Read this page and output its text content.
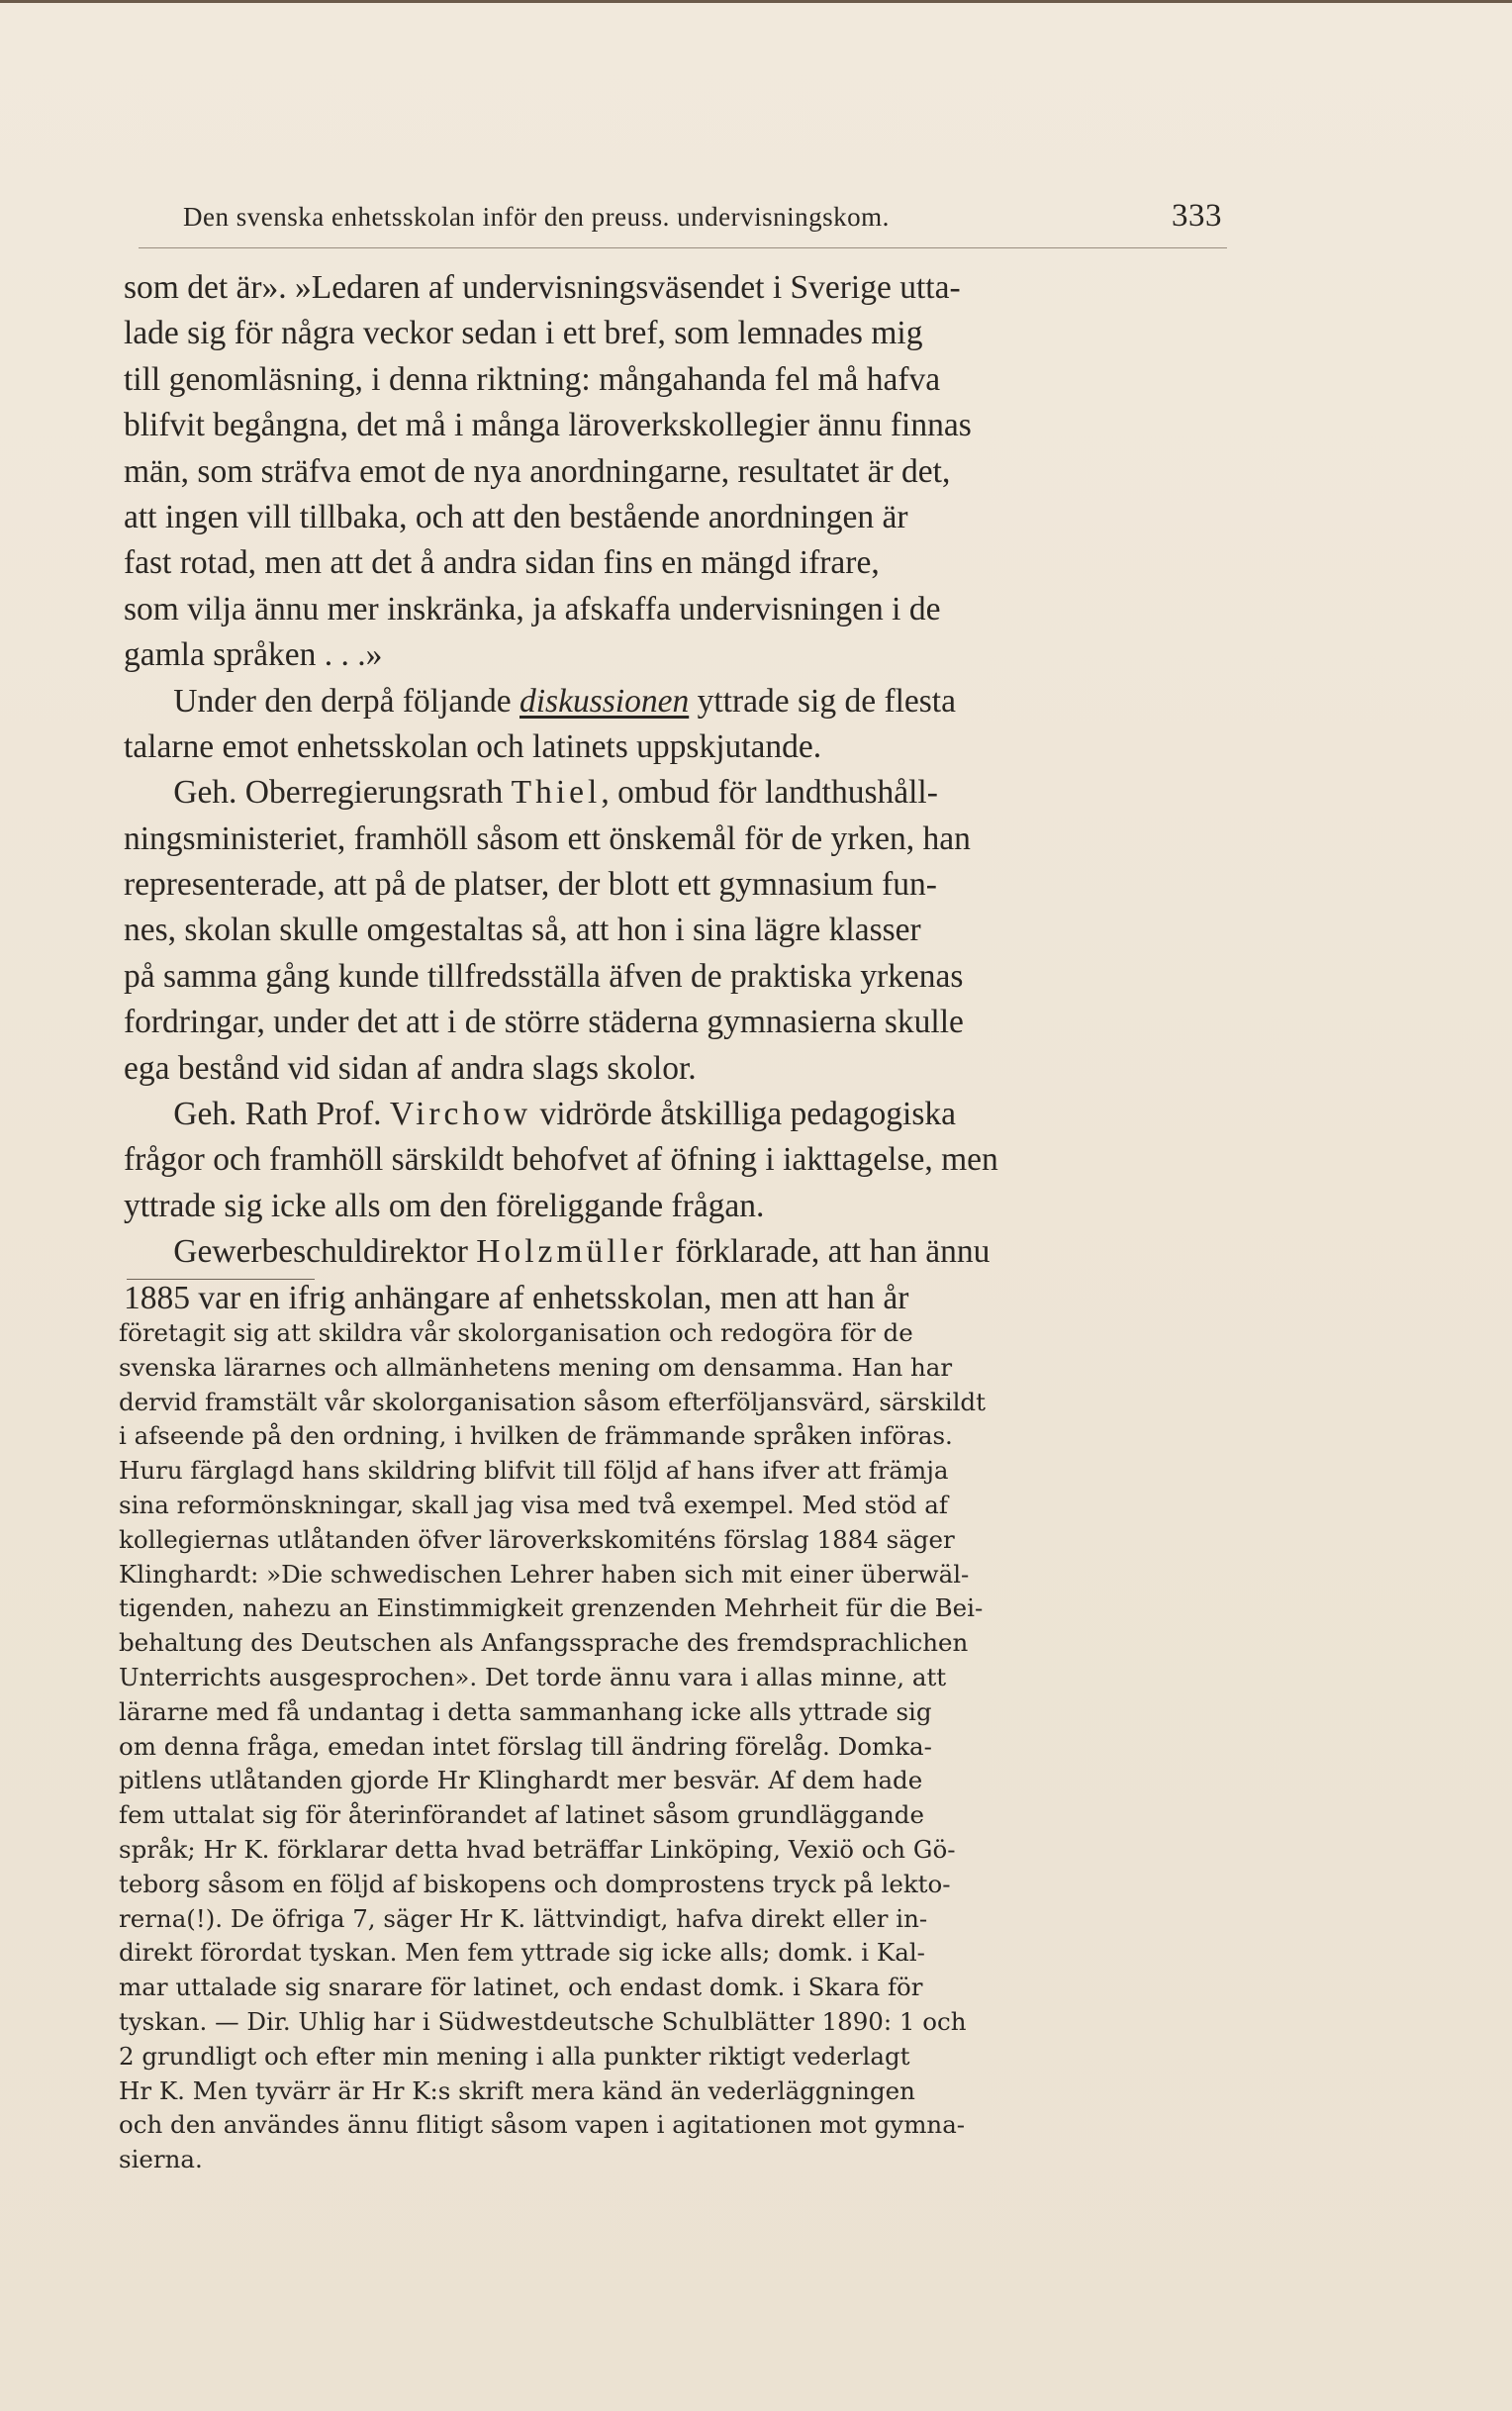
Den svenska enhetsskolan inför den preuss. undervisningskom.	333
som det är». »Ledaren af undervisningsväsendet i Sverige utta-
lade sig för några veckor sedan i ett bref, som lemnades mig
till genomläsning, i denna riktning: mångahanda fel må hafva
blifvit begångna, det må i många läroverkskollegier ännu finnas
män, som sträfva emot de nya anordningarne, resultatet är det,
att ingen vill tillbaka, och att den bestående anordningen är
fast rotad, men att det å andra sidan fins en mängd ifrare,
som vilja ännu mer inskränka, ja afskaffa undervisningen i de
gamla språken . . .»
Under den derpå följande diskussionen yttrade sig de flesta
talarne emot enhetsskolan och latinets uppskjutande.
Geh. Oberregierungsrath Thiel, ombud för landthushåll-
ningsministeriet, framhöll såsom ett önskemål för de yrken, han
representerade, att på de platser, der blott ett gymnasium fun-
nes, skolan skulle omgestaltas så, att hon i sina lägre klasser
på samma gång kunde tillfredsställa äfven de praktiska yrkenas
fordringar, under det att i de större städerna gymnasierna skulle
ega bestånd vid sidan af andra slags skolor.
Geh. Rath Prof. Virchow vidrörde åtskilliga pedagogiska
frågor och framhöll särskildt behofvet af öfning i iakttagelse, men
yttrade sig icke alls om den föreliggande frågan.
Gewerbeschuldirektor Holzmüller förklarade, att han ännu
1885 var en ifrig anhängare af enhetsskolan, men att han år
företagit sig att skildra vår skolorganisation och redogöra för de
svenska lärarnes och allmänhetens mening om densamma. Han har
dervid framstält vår skolorganisation såsom efterföljansvärd, särskildt
i afseende på den ordning, i hvilken de främmande språken införas.
Huru färglagd hans skildring blifvit till följd af hans ifver att främja
sina reformönskningar, skall jag visa med två exempel. Med stöd af
kollegiernas utlåtanden öfver läroverkskomiténs förslag 1884 säger
Klinghardt: »Die schwedischen Lehrer haben sich mit einer überwäl-
tigenden, nahezu an Einstimmigkeit grenzenden Mehrheit für die Bei-
behaltung des Deutschen als Anfangssprache des fremdsprachlichen
Unterrichts ausgesprochen». Det torde ännu vara i allas minne, att
lärarne med få undantag i detta sammanhang icke alls yttrade sig
om denna fråga, emedan intet förslag till ändring förelåg. Domka-
pitlens utlåtanden gjorde Hr Klinghardt mer besvär. Af dem hade
fem uttalat sig för återinförandet af latinet såsom grundläggande
språk; Hr K. förklarar detta hvad beträffar Linköping, Vexiö och Gö-
teborg såsom en följd af biskopens och domprostens tryck på lekto-
rerna(!). De öfriga 7, säger Hr K. lättvindigt, hafva direkt eller in-
direkt förordat tyskan. Men fem yttrade sig icke alls; domk. i Kal-
mar uttalade sig snarare för latinet, och endast domk. i Skara för
tyskan. — Dir. Uhlig har i Südwestdeutsche Schulblätter 1890: 1 och
2 grundligt och efter min mening i alla punkter riktigt vederlagt
Hr K. Men tyvärr är Hr K:s skrift mera känd än vederläggningen
och den användes ännu flitigt såsom vapen i agitationen mot gymna-
sierna.
